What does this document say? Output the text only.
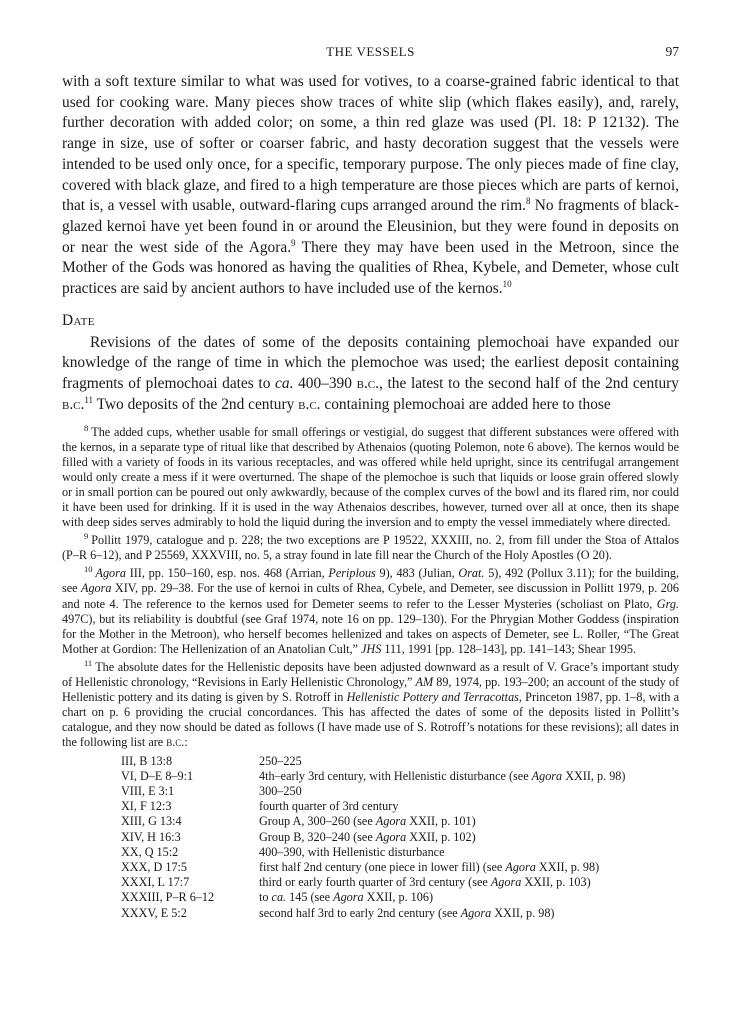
THE VESSELS	97

with a soft texture similar to what was used for votives, to a coarse-grained fabric identical to that used for cooking ware. Many pieces show traces of white slip (which flakes easily), and, rarely, further decoration with added color; on some, a thin red glaze was used (Pl. 18: P 12132). The range in size, use of softer or coarser fabric, and hasty decoration suggest that the vessels were intended to be used only once, for a specific, temporary purpose. The only pieces made of fine clay, covered with black glaze, and fired to a high temperature are those pieces which are parts of kernoi, that is, a vessel with usable, outward-flaring cups arranged around the rim.$^8$ No fragments of black-glazed kernoi have yet been found in or around the Eleusinion, but they were found in deposits on or near the west side of the Agora.$^9$ There they may have been used in the Metroon, since the Mother of the Gods was honored as having the qualities of Rhea, Kybele, and Demeter, whose cult practices are said by ancient authors to have included use of the kernos.$^{10}$

Date

Revisions of the dates of some of the deposits containing plemochoai have expanded our knowledge of the range of time in which the plemochoe was used; the earliest deposit containing fragments of plemochoai dates to ca. 400–390 b.c., the latest to the second half of the 2nd century b.c.$^{11}$ Two deposits of the 2nd century b.c. containing plemochoai are added here to those

$^8$ The added cups, whether usable for small offerings or vestigial, do suggest that different substances were offered with the kernos, in a separate type of ritual like that described by Athenaios (quoting Polemon, note 6 above). The kernos would be filled with a variety of foods in its various receptacles, and was offered while held upright, since its centrifugal arrangement would only create a mess if it were overturned. The shape of the plemochoe is such that liquids or loose grain offered slowly or in small portion can be poured out only awkwardly, because of the complex curves of the bowl and its flared rim, nor could it have been used for drinking. If it is used in the way Athenaios describes, however, turned over all at once, then its shape with deep sides serves admirably to hold the liquid during the inversion and to empty the vessel immediately where directed.

$^9$ Pollitt 1979, catalogue and p. 228; the two exceptions are P 19522, XXXIII, no. 2, from fill under the Stoa of Attalos (P–R 6–12), and P 25569, XXXVIII, no. 5, a stray found in late fill near the Church of the Holy Apostles (O 20).

$^{10}$ Agora III, pp. 150–160, esp. nos. 468 (Arrian, Periplous 9), 483 (Julian, Orat. 5), 492 (Pollux 3.11); for the building, see Agora XIV, pp. 29–38. For the use of kernoi in cults of Rhea, Cybele, and Demeter, see discussion in Pollitt 1979, p. 206 and note 4. The reference to the kernos used for Demeter seems to refer to the Lesser Mysteries (scholiast on Plato, Grg. 497C), but its reliability is doubtful (see Graf 1974, note 16 on pp. 129–130). For the Phrygian Mother Goddess (inspiration for the Mother in the Metroon), who herself becomes hellenized and takes on aspects of Demeter, see L. Roller, “The Great Mother at Gordion: The Hellenization of an Anatolian Cult,” JHS 111, 1991 [pp. 128–143], pp. 141–143; Shear 1995.

$^{11}$ The absolute dates for the Hellenistic deposits have been adjusted downward as a result of V. Grace’s important study of Hellenistic chronology, “Revisions in Early Hellenistic Chronology,” AM 89, 1974, pp. 193–200; an account of the study of Hellenistic pottery and its dating is given by S. Rotroff in Hellenistic Pottery and Terracottas, Princeton 1987, pp. 1–8, with a chart on p. 6 providing the crucial concordances. This has affected the dates of some of the deposits listed in Pollitt’s catalogue, and they now should be dated as follows (I have made use of S. Rotroff’s notations for these revisions); all dates in the following list are b.c.:

III, B 13:8	250–225
VI, D–E 8–9:1	4th–early 3rd century, with Hellenistic disturbance (see Agora XXII, p. 98)
VIII, E 3:1	300–250
XI, F 12:3	fourth quarter of 3rd century
XIII, G 13:4	Group A, 300–260 (see Agora XXII, p. 101)
XIV, H 16:3	Group B, 320–240 (see Agora XXII, p. 102)
XX, Q 15:2	400–390, with Hellenistic disturbance
XXX, D 17:5	first half 2nd century (one piece in lower fill) (see Agora XXII, p. 98)
XXXI, L 17:7	third or early fourth quarter of 3rd century (see Agora XXII, p. 103)
XXXIII, P–R 6–12	to ca. 145 (see Agora XXII, p. 106)
XXXV, E 5:2	second half 3rd to early 2nd century (see Agora XXII, p. 98)
